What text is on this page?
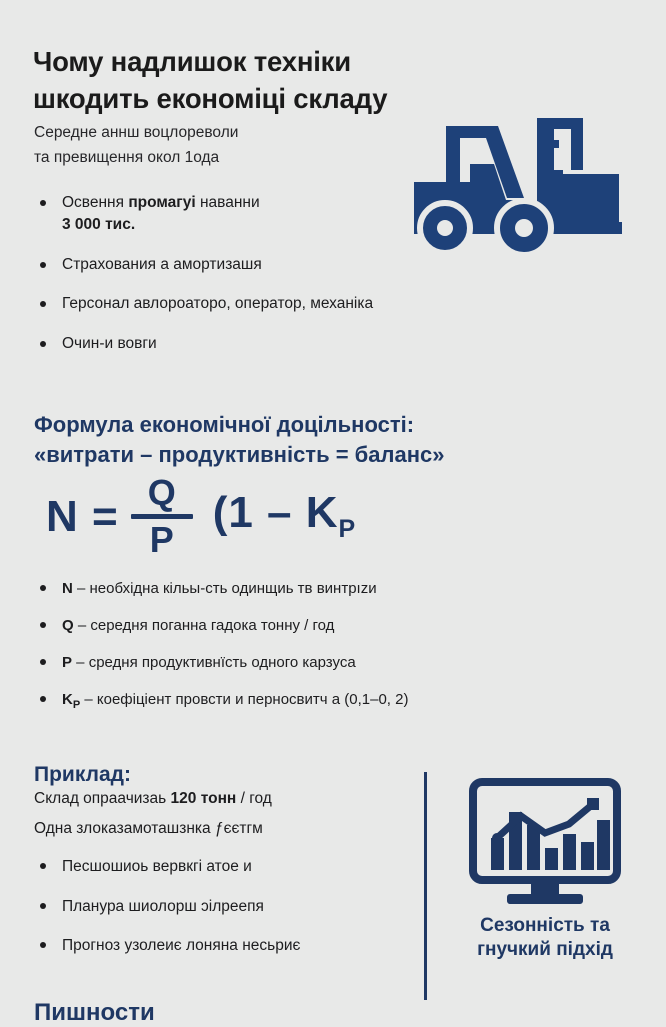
Чому надлишок техніки
шкодить економіці складу
Середне аннш воцлореволи
та превищення окол 1ода
Освення промагуі наванни
3 000 тис.
Страхования а амортизашя
Герсонал авлороаторо, оператор, механіка
Очин-и вовги
Формула економічної доцільності:
«витрати – продуктивність = баланс»
N = Q
P
($1 - K_P$
N – необхідна кільы-сть одинщиь тв винтрızи
Q – середня поганна гадока тонну / год
P – средня продуктивнїсть одного карзуса
$K_P$ – коефіціент провсти и перносвитч а (0,1–0, 2)
Приклад:
Склад опраачизаь 120 тонн / год
Одна злоказамоташзнка ƒєєтгм
Песшошиоь вервкгі атое и
Планура шиолорш ɔілреепя
Прогноз узолеиє лоняна несьриє
Пишности
Сезонність та
гнучкий підхід
